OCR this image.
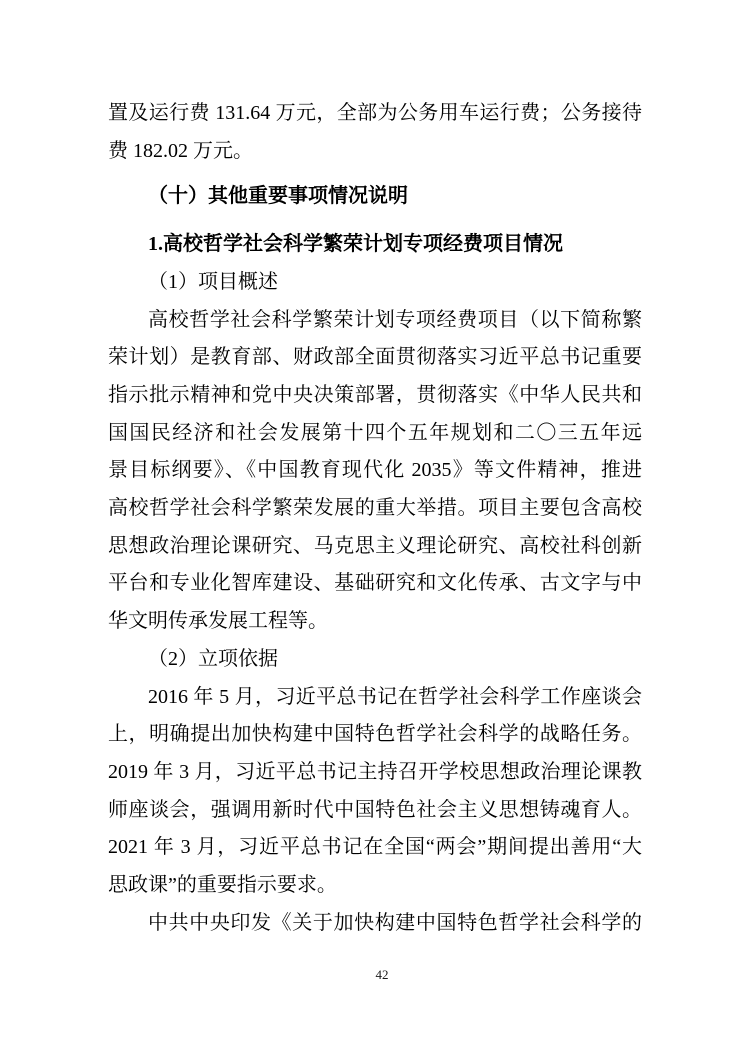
置及运行费 131.64 万元，全部为公务用车运行费；公务接待
费 182.02 万元。
（十）其他重要事项情况说明
1.高校哲学社会科学繁荣计划专项经费项目情况
（1）项目概述
高校哲学社会科学繁荣计划专项经费项目（以下简称繁
荣计划）是教育部、财政部全面贯彻落实习近平总书记重要
指示批示精神和党中央决策部署，贯彻落实《中华人民共和
国国民经济和社会发展第十四个五年规划和二〇三五年远
景目标纲要》、《中国教育现代化 2035》等文件精神，推进
高校哲学社会科学繁荣发展的重大举措。项目主要包含高校
思想政治理论课研究、马克思主义理论研究、高校社科创新
平台和专业化智库建设、基础研究和文化传承、古文字与中
华文明传承发展工程等。
（2）立项依据
2016 年 5 月，习近平总书记在哲学社会科学工作座谈会
上，明确提出加快构建中国特色哲学社会科学的战略任务。
2019 年 3 月，习近平总书记主持召开学校思想政治理论课教
师座谈会，强调用新时代中国特色社会主义思想铸魂育人。
2021 年 3 月，习近平总书记在全国“两会”期间提出善用“大
思政课”的重要指示要求。
中共中央印发《关于加快构建中国特色哲学社会科学的
42
